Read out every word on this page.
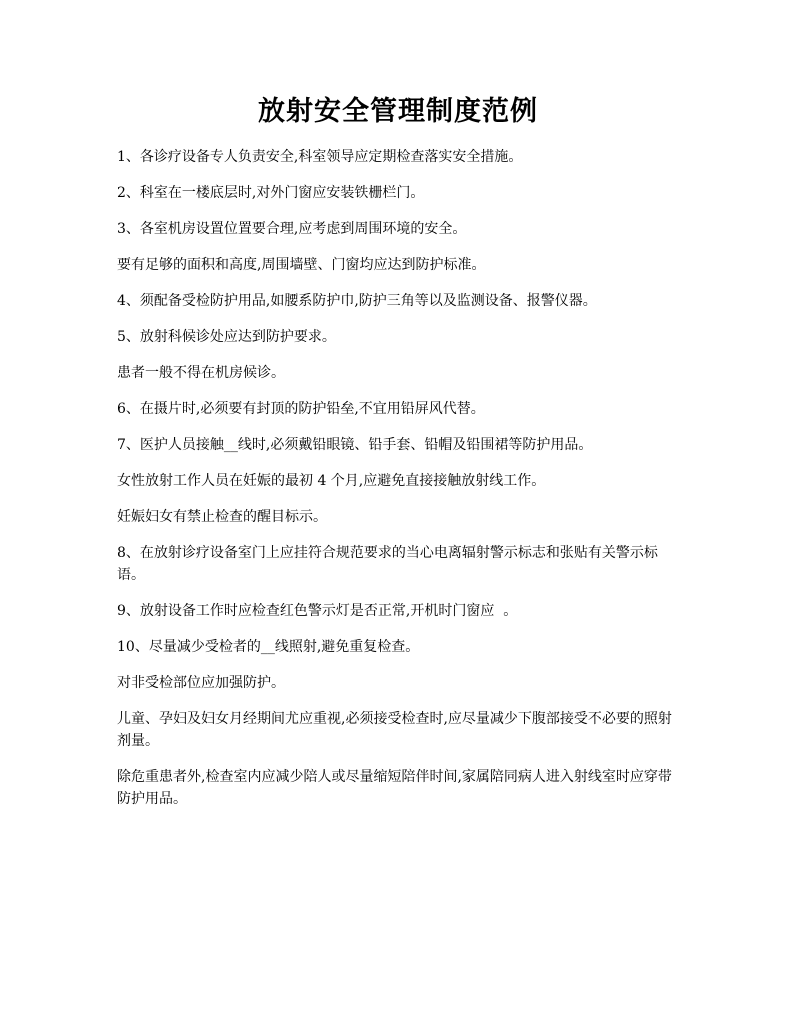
放射安全管理制度范例

1、各诊疗设备专人负责安全,科室领导应定期检查落实安全措施。

2、科室在一楼底层时,对外门窗应安装铁栅栏门。

3、各室机房设置位置要合理,应考虑到周围环境的安全。

要有足够的面积和高度,周围墙壁、门窗均应达到防护标准。

4、须配备受检防护用品,如腰系防护巾,防护三角等以及监测设备、报警仪器。

5、放射科候诊处应达到防护要求。

患者一般不得在机房候诊。

6、在摄片时,必须要有封顶的防护铅垒,不宜用铅屏风代替。

7、医护人员接触__线时,必须戴铅眼镜、铅手套、铅帽及铅围裙等防护用品。

女性放射工作人员在妊娠的最初 4 个月,应避免直接接触放射线工作。

妊娠妇女有禁止检查的醒目标示。

8、在放射诊疗设备室门上应挂符合规范要求的当心电离辐射警示标志和张贴有关警示标语。

9、放射设备工作时应检查红色警示灯是否正常,开机时门窗应  。

10、尽量减少受检者的__线照射,避免重复检查。

对非受检部位应加强防护。

儿童、孕妇及妇女月经期间尤应重视,必须接受检查时,应尽量减少下腹部接受不必要的照射剂量。

除危重患者外,检查室内应减少陪人或尽量缩短陪伴时间,家属陪同病人进入射线室时应穿带防护用品。
